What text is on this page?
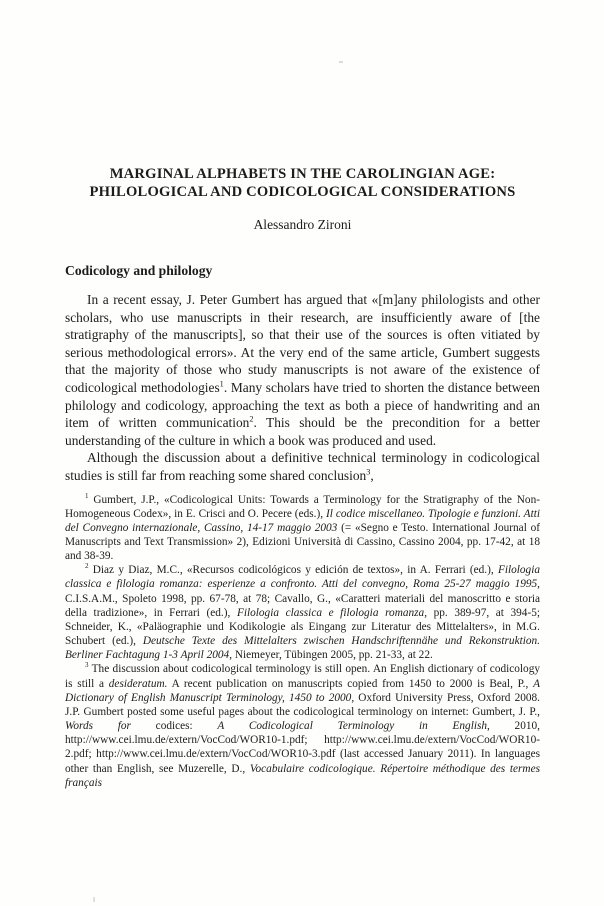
MARGINAL ALPHABETS IN THE CAROLINGIAN AGE:
PHILOLOGICAL AND CODICOLOGICAL CONSIDERATIONS
Alessandro Zironi
Codicology and philology

In a recent essay, J. Peter Gumbert has argued that «[m]any philologists and other scholars, who use manuscripts in their research, are insufficiently aware of [the stratigraphy of the manuscripts], so that their use of the sources is often vitiated by serious methodological errors». At the very end of the same article, Gumbert suggests that the majority of those who study manuscripts is not aware of the existence of codicological methodologies$^1$. Many scholars have tried to shorten the distance between philology and codicology, approaching the text as both a piece of handwriting and an item of written communication$^2$. This should be the precondition for a better understanding of the culture in which a book was produced and used.

Although the discussion about a definitive technical terminology in codicological studies is still far from reaching some shared conclusion$^3$,

$^1$ Gumbert, J.P., «Codicological Units: Towards a Terminology for the Stratigraphy of the Non-Homogeneous Codex», in E. Crisci and O. Pecere (eds.), Il codice miscellaneo. Tipologie e funzioni. Atti del Convegno internazionale, Cassino, 14-17 maggio 2003 (= «Segno e Testo. International Journal of Manuscripts and Text Transmission» 2), Edizioni Università di Cassino, Cassino 2004, pp. 17-42, at 18 and 38-39.

$^2$ Diaz y Diaz, M.C., «Recursos codicológicos y edición de textos», in A. Ferrari (ed.), Filologia classica e filologia romanza: esperienze a confronto. Atti del convegno, Roma 25-27 maggio 1995, C.I.S.A.M., Spoleto 1998, pp. 67-78, at 78; Cavallo, G., «Caratteri materiali del manoscritto e storia della tradizione», in Ferrari (ed.), Filologia classica e filologia romanza, pp. 389-97, at 394-5; Schneider, K., «Paläographie und Kodikologie als Eingang zur Literatur des Mittelalters», in M.G. Schubert (ed.), Deutsche Texte des Mittelalters zwischen Handschriftennähe und Rekonstruktion. Berliner Fachtagung 1-3 April 2004, Niemeyer, Tübingen 2005, pp. 21-33, at 22.

$^3$ The discussion about codicological terminology is still open. An English dictionary of codicology is still a desideratum. A recent publication on manuscripts copied from 1450 to 2000 is Beal, P., A Dictionary of English Manuscript Terminology, 1450 to 2000, Oxford University Press, Oxford 2008. J.P. Gumbert posted some useful pages about the codicological terminology on internet: Gumbert, J. P., Words for codices: A Codicological Terminology in English, 2010, http://www.cei.lmu.de/extern/VocCod/WOR10-1.pdf; http://www.cei.lmu.de/extern/VocCod/WOR10-2.pdf; http://www.cei.lmu.de/extern/VocCod/WOR10-3.pdf (last accessed January 2011). In languages other than English, see Muzerelle, D., Vocabulaire codicologique. Répertoire méthodique des termes français
